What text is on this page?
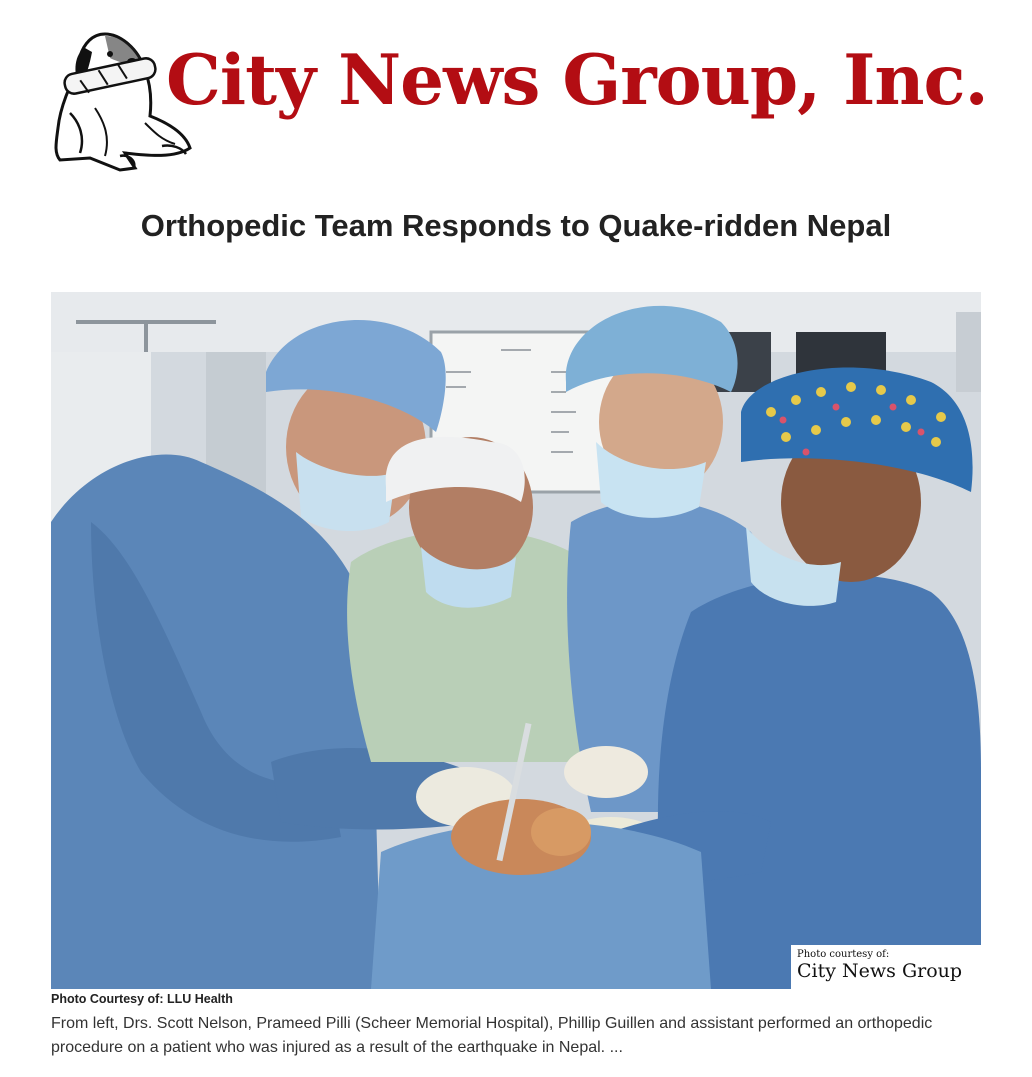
City News Group, Inc.
Orthopedic Team Responds to Quake-ridden Nepal
Photo courtesy of:
City News Group
Photo Courtesy of: LLU Health

From left, Drs. Scott Nelson, Prameed Pilli (Scheer Memorial Hospital), Phillip Guillen and assistant performed an orthopedic procedure on a patient who was injured as a result of the earthquake in Nepal. ...
